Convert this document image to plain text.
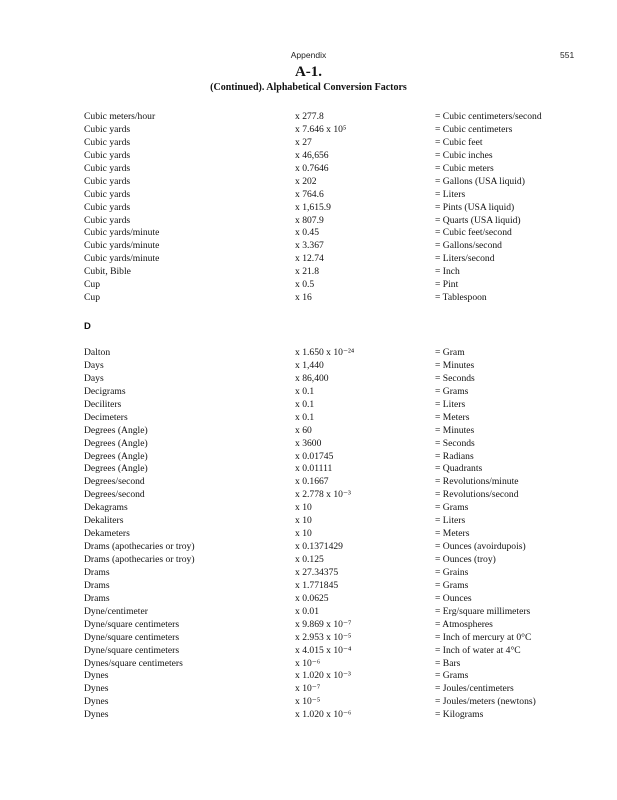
Appendix	551
A-1.
(Continued). Alphabetical Conversion Factors
Cubic meters/hour	x 277.8	= Cubic centimeters/second
Cubic yards	x 7.646 x 10⁵	= Cubic centimeters
Cubic yards	x 27	= Cubic feet
Cubic yards	x 46,656	= Cubic inches
Cubic yards	x 0.7646	= Cubic meters
Cubic yards	x 202	= Gallons (USA liquid)
Cubic yards	x 764.6	= Liters
Cubic yards	x 1,615.9	= Pints (USA liquid)
Cubic yards	x 807.9	= Quarts (USA liquid)
Cubic yards/minute	x 0.45	= Cubic feet/second
Cubic yards/minute	x 3.367	= Gallons/second
Cubic yards/minute	x 12.74	= Liters/second
Cubit, Bible	x 21.8	= Inch
Cup	x 0.5	= Pint
Cup	x 16	= Tablespoon
D
Dalton	x 1.650 x 10⁻²⁴	= Gram
Days	x 1,440	= Minutes
Days	x 86,400	= Seconds
Decigrams	x 0.1	= Grams
Deciliters	x 0.1	= Liters
Decimeters	x 0.1	= Meters
Degrees (Angle)	x 60	= Minutes
Degrees (Angle)	x 3600	= Seconds
Degrees (Angle)	x 0.01745	= Radians
Degrees (Angle)	x 0.01111	= Quadrants
Degrees/second	x 0.1667	= Revolutions/minute
Degrees/second	x 2.778 x 10⁻³	= Revolutions/second
Dekagrams	x 10	= Grams
Dekaliters	x 10	= Liters
Dekameters	x 10	= Meters
Drams (apothecaries or troy)	x 0.1371429	= Ounces (avoirdupois)
Drams (apothecaries or troy)	x 0.125	= Ounces (troy)
Drams	x 27.34375	= Grains
Drams	x 1.771845	= Grams
Drams	x 0.0625	= Ounces
Dyne/centimeter	x 0.01	= Erg/square millimeters
Dyne/square centimeters	x 9.869 x 10⁻⁷	= Atmospheres
Dyne/square centimeters	x 2.953 x 10⁻⁵	= Inch of mercury at 0°C
Dyne/square centimeters	x 4.015 x 10⁻⁴	= Inch of water at 4°C
Dynes/square centimeters	x 10⁻⁶	= Bars
Dynes	x 1.020 x 10⁻³	= Grams
Dynes	x 10⁻⁷	= Joules/centimeters
Dynes	x 10⁻⁵	= Joules/meters (newtons)
Dynes	x 1.020 x 10⁻⁶	= Kilograms
